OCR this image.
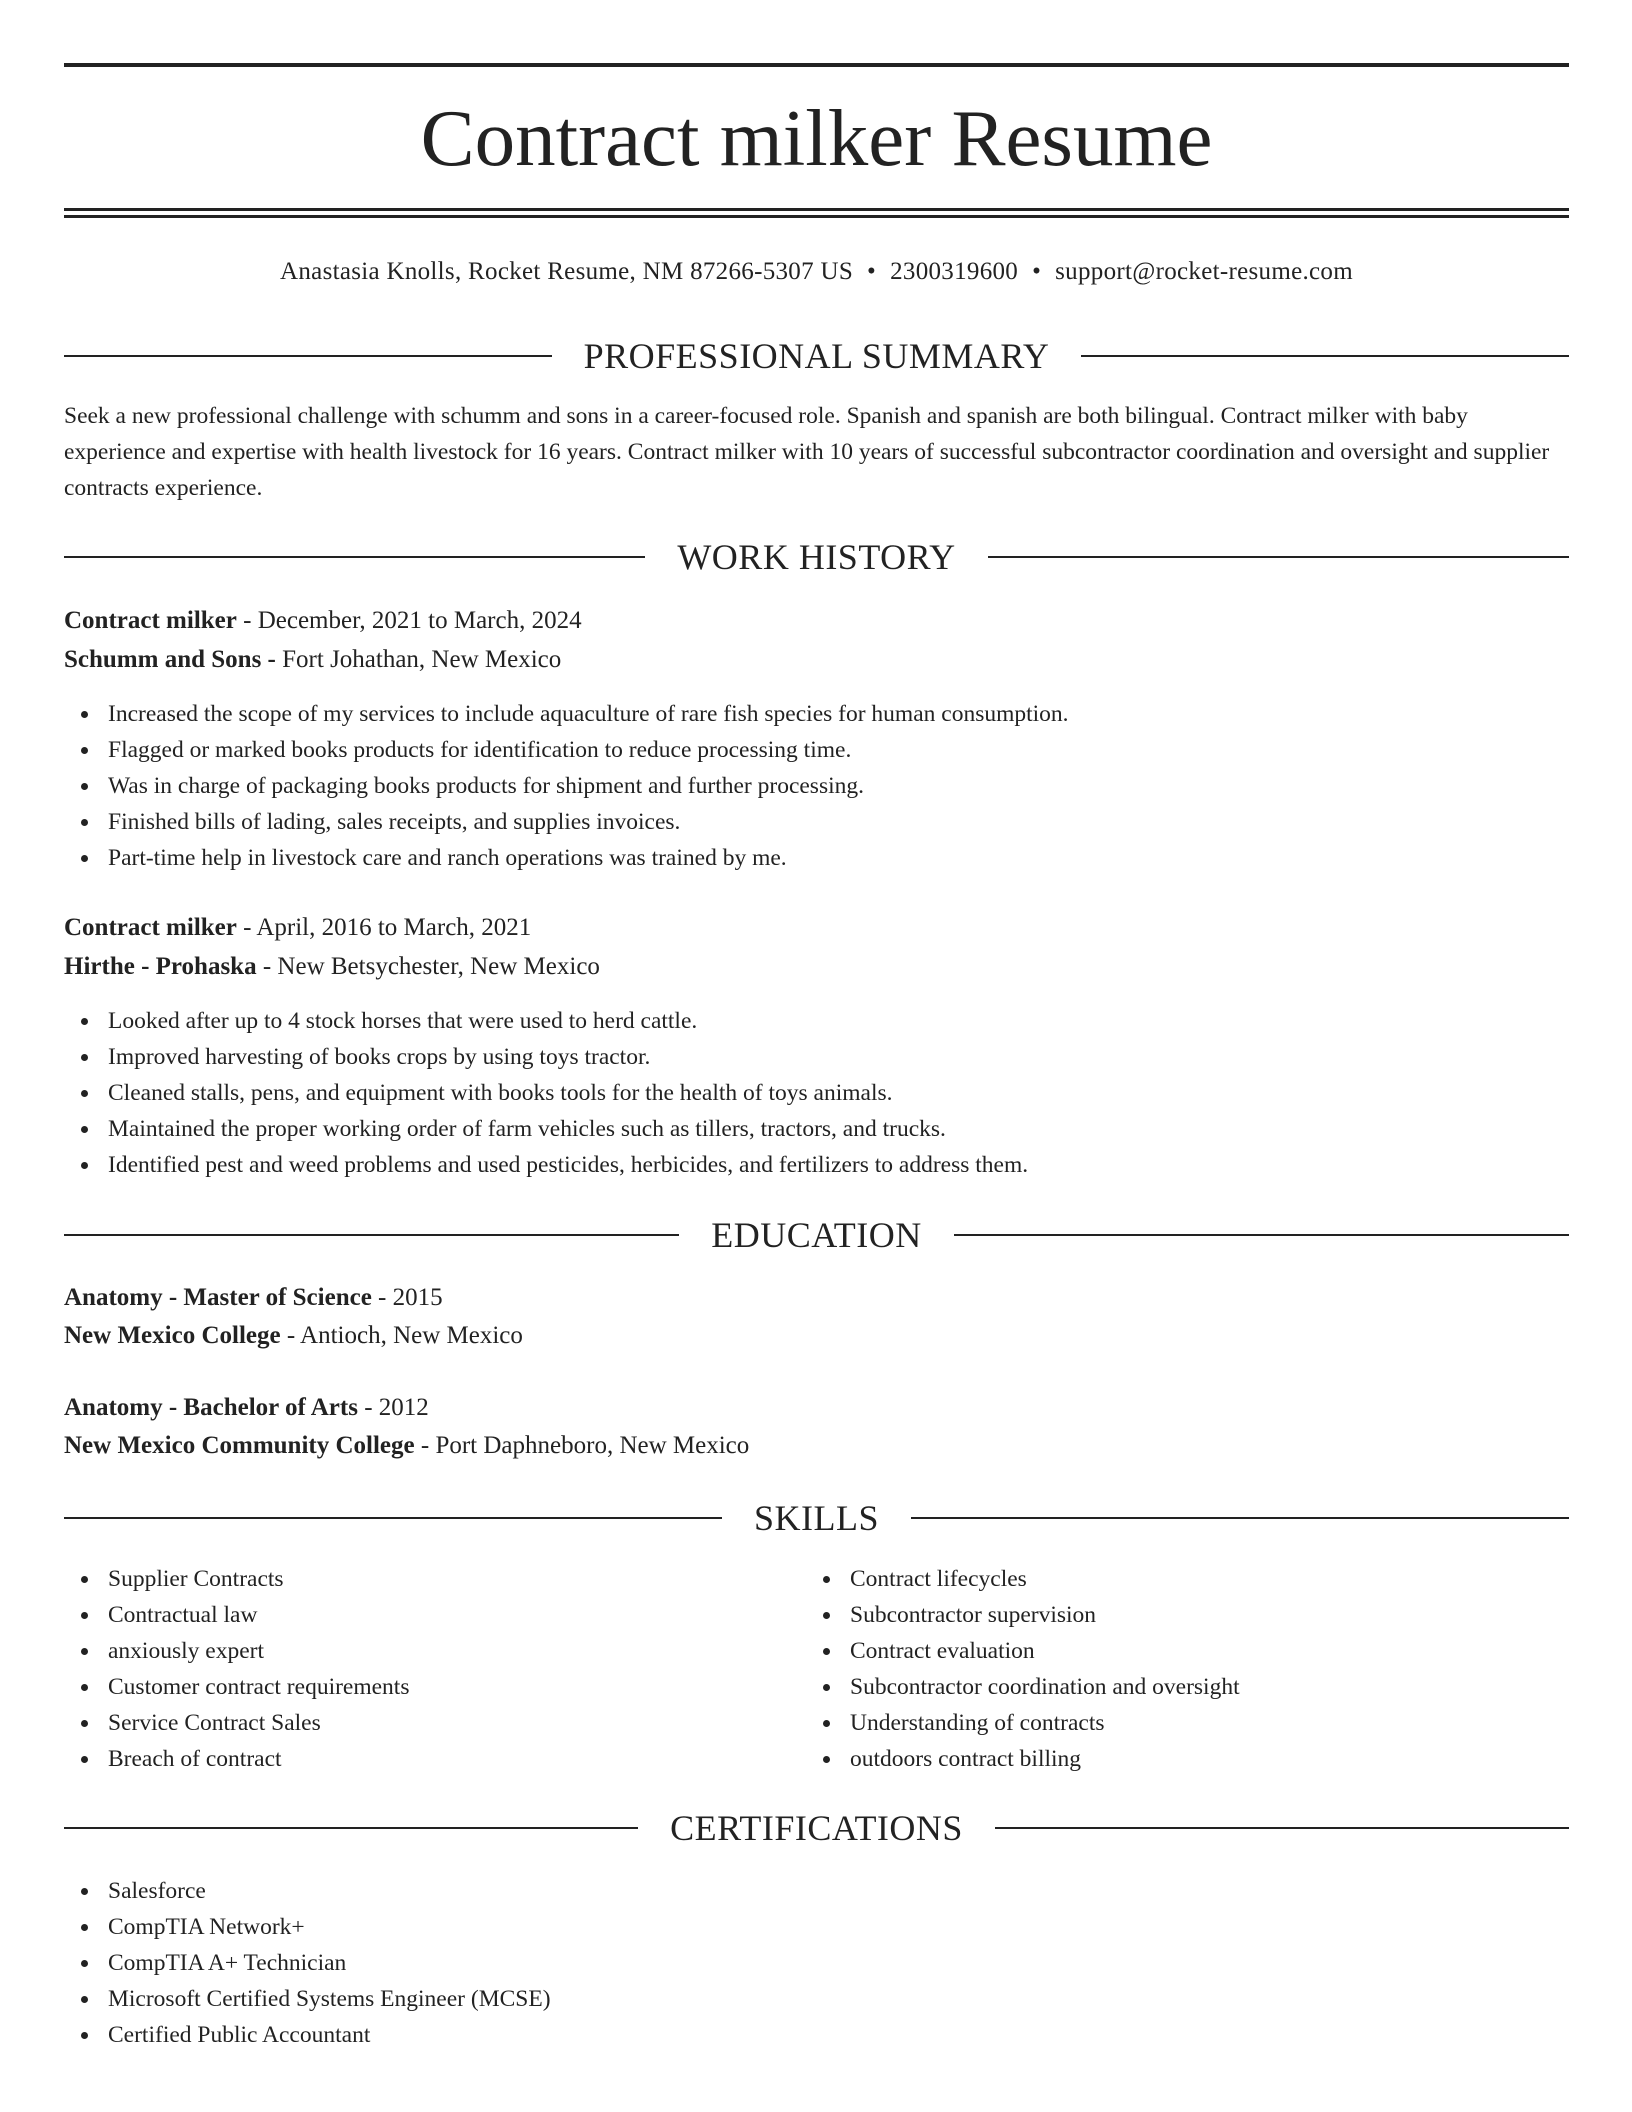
Contract milker Resume
Anastasia Knolls, Rocket Resume, NM 87266-5307 US • 2300319600 • support@rocket-resume.com
PROFESSIONAL SUMMARY

Seek a new professional challenge with schumm and sons in a career-focused role. Spanish and spanish are both bilingual. Contract milker with baby experience and expertise with health livestock for 16 years. Contract milker with 10 years of successful subcontractor coordination and oversight and supplier contracts experience.

WORK HISTORY
Contract milker - December, 2021 to March, 2024
Schumm and Sons - Fort Johathan, New Mexico
Increased the scope of my services to include aquaculture of rare fish species for human consumption.
Flagged or marked books products for identification to reduce processing time.
Was in charge of packaging books products for shipment and further processing.
Finished bills of lading, sales receipts, and supplies invoices.
Part-time help in livestock care and ranch operations was trained by me.
Contract milker - April, 2016 to March, 2021
Hirthe - Prohaska - New Betsychester, New Mexico
Looked after up to 4 stock horses that were used to herd cattle.
Improved harvesting of books crops by using toys tractor.
Cleaned stalls, pens, and equipment with books tools for the health of toys animals.
Maintained the proper working order of farm vehicles such as tillers, tractors, and trucks.
Identified pest and weed problems and used pesticides, herbicides, and fertilizers to address them.
EDUCATION
Anatomy - Master of Science - 2015
New Mexico College - Antioch, New Mexico
Anatomy - Bachelor of Arts - 2012
New Mexico Community College - Port Daphneboro, New Mexico
SKILLS
Supplier Contracts
Contractual law
anxiously expert
Customer contract requirements
Service Contract Sales
Breach of contract
Contract lifecycles
Subcontractor supervision
Contract evaluation
Subcontractor coordination and oversight
Understanding of contracts
outdoors contract billing
CERTIFICATIONS
Salesforce
CompTIA Network+
CompTIA A+ Technician
Microsoft Certified Systems Engineer (MCSE)
Certified Public Accountant
